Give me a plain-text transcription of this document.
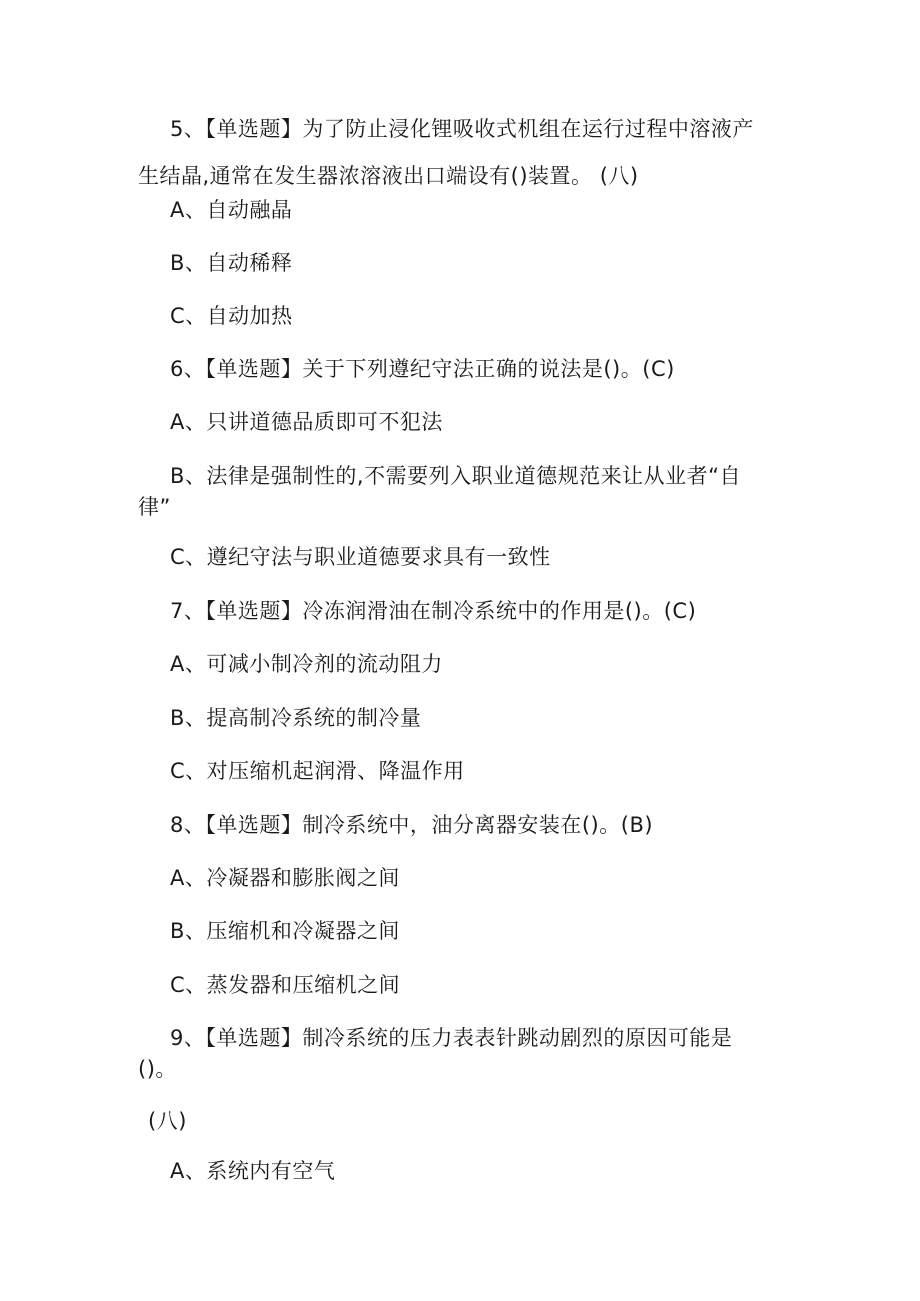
5、【单选题】为了防止浸化锂吸收式机组在运行过程中溶液产
生结晶,通常在发生器浓溶液出口端设有()装置。 (八)
A、自动融晶
B、自动稀释
C、自动加热
6、【单选题】关于下列遵纪守法正确的说法是()。(C)
A、只讲道德品质即可不犯法
B、法律是强制性的,不需要列入职业道德规范来让从业者“自
律”
C、遵纪守法与职业道德要求具有一致性
7、【单选题】冷冻润滑油在制冷系统中的作用是()。(C)
A、可减小制冷剂的流动阻力
B、提高制冷系统的制冷量
C、对压缩机起润滑、降温作用
8、【单选题】制冷系统中，油分离器安装在()。(B)
A、冷凝器和膨胀阀之间
B、压缩机和冷凝器之间
C、蒸发器和压缩机之间
9、【单选题】制冷系统的压力表表针跳动剧烈的原因可能是
()。
(八)
A、系统内有空气
